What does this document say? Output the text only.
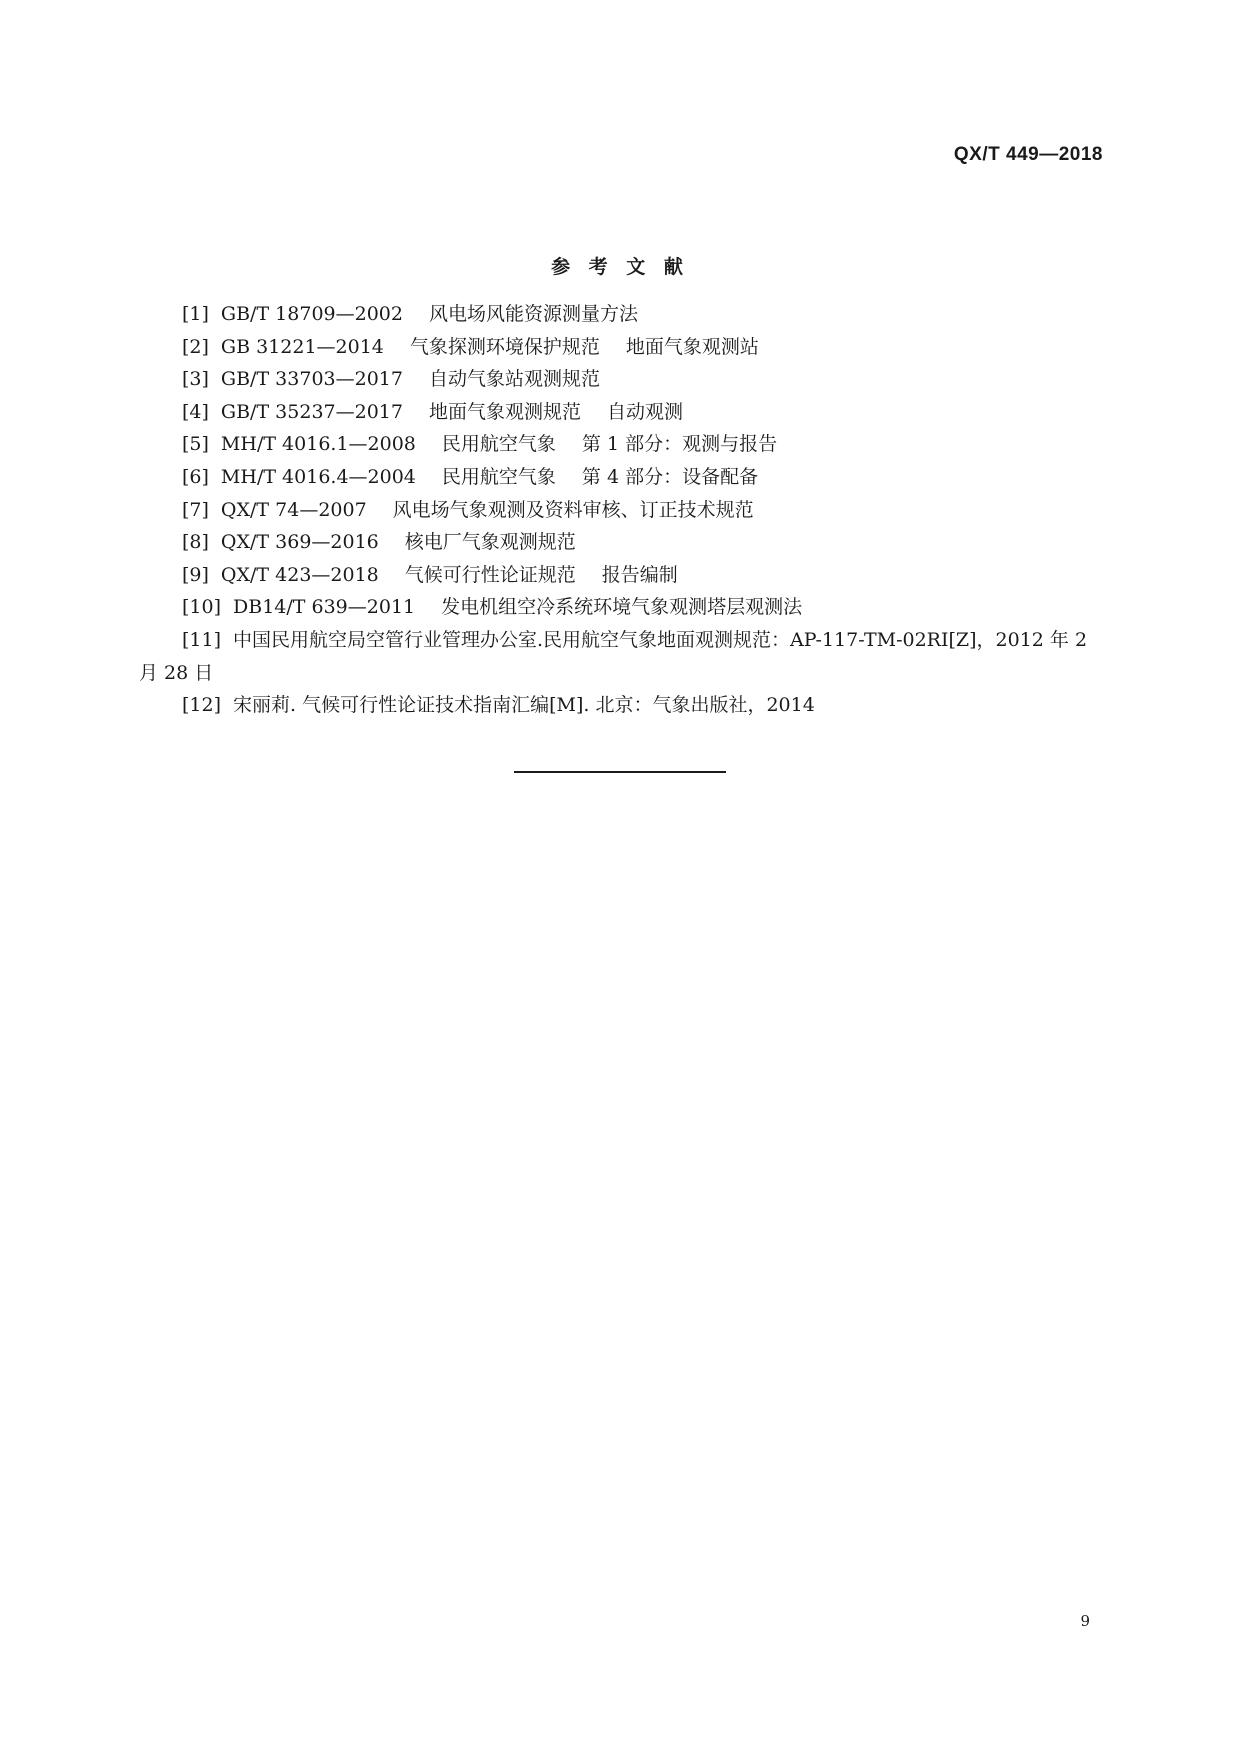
QX/T 449—2018
参 考 文 献

[1] GB/T 18709—2002 风电场风能资源测量方法

[2] GB 31221—2014 气象探测环境保护规范 地面气象观测站

[3] GB/T 33703—2017 自动气象站观测规范

[4] GB/T 35237—2017 地面气象观测规范 自动观测

[5] MH/T 4016.1—2008 民用航空气象 第 1 部分：观测与报告

[6] MH/T 4016.4—2004 民用航空气象 第 4 部分：设备配备

[7] QX/T 74—2007 风电场气象观测及资料审核、订正技术规范

[8] QX/T 369—2016 核电厂气象观测规范

[9] QX/T 423—2018 气候可行性论证规范 报告编制

[10] DB14/T 639—2011 发电机组空冷系统环境气象观测塔层观测法

[11] 中国民用航空局空管行业管理办公室.民用航空气象地面观测规范：AP-117-TM-02RI[Z]，2012 年 2 月 28 日

[12] 宋丽莉. 气候可行性论证技术指南汇编[M]. 北京：气象出版社，2014

9
